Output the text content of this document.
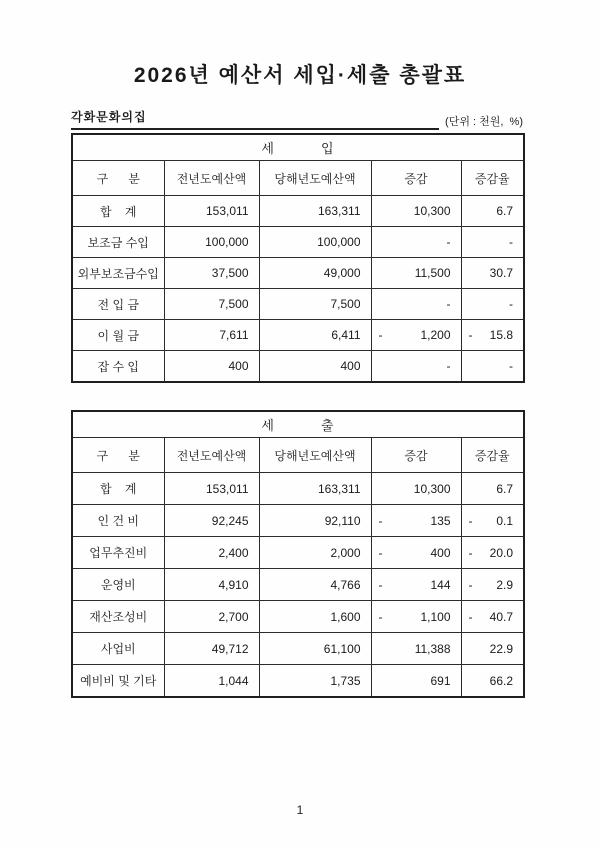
2026년 예산서 세입·세출 총괄표
각화문화의집	(단위 : 천원,  %)
세          입				
구      분	전년도예산액	당해년도예산액	증감	증감율
합    계	153,011	163,311	10,300	6.7

보조금 수입	100,000	100,000	-	-

외부보조금수입	37,500	49,000	11,500	30.7

전 입 금	7,500	7,500	-	-

이 월 금	7,611	6,411	- 1,200	- 15.8

잡 수 입	400	400	-	-
세          출				
구      분	전년도예산액	당해년도예산액	증감	증감율
합    계	153,011	163,311	10,300	6.7

인 건 비	92,245	92,110	- 135	- 0.1

업무추진비	2,400	2,000	- 400	- 20.0

운영비	4,910	4,766	- 144	- 2.9

재산조성비	2,700	1,600	- 1,100	- 40.7

사업비	49,712	61,100	11,388	22.9

예비비 및 기타	1,044	1,735	691	66.2
1
